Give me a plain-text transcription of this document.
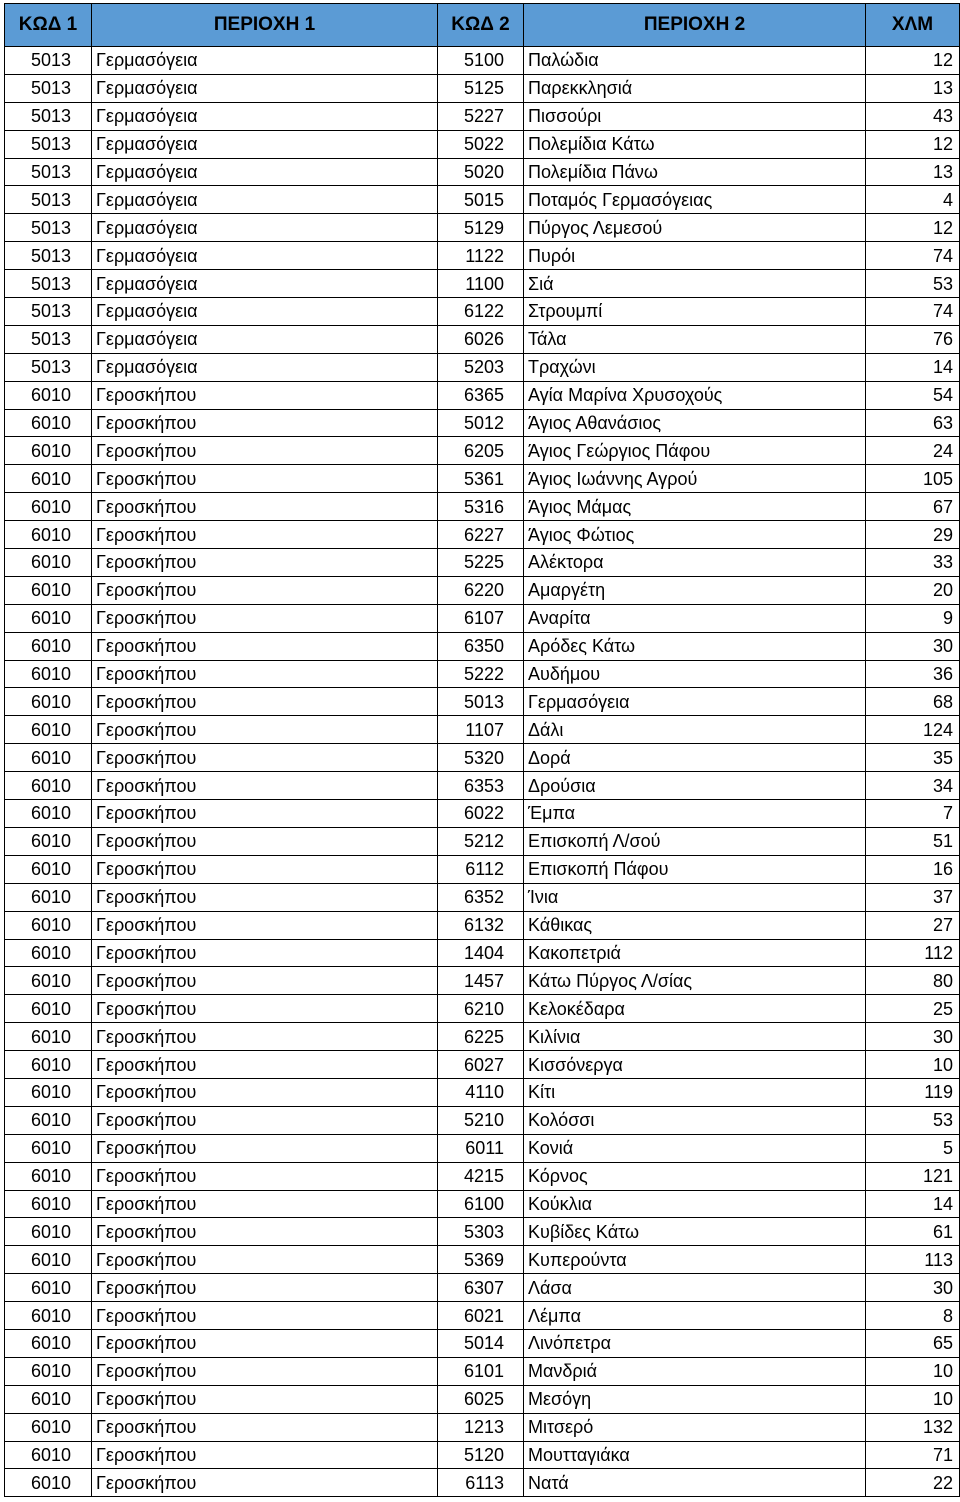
ΚΩΔ 1	ΠΕΡΙΟΧΗ 1	ΚΩΔ 2	ΠΕΡΙΟΧΗ 2	ΧΛΜ
5013	Γερμασόγεια	5100	Παλώδια	12
5013	Γερμασόγεια	5125	Παρεκκλησιά	13
5013	Γερμασόγεια	5227	Πισσούρι	43
5013	Γερμασόγεια	5022	Πολεμίδια Κάτω	12
5013	Γερμασόγεια	5020	Πολεμίδια Πάνω	13
5013	Γερμασόγεια	5015	Ποταμός Γερμασόγειας	4
5013	Γερμασόγεια	5129	Πύργος Λεμεσού	12
5013	Γερμασόγεια	1122	Πυρόι	74
5013	Γερμασόγεια	1100	Σιά	53
5013	Γερμασόγεια	6122	Στρουμπί	74
5013	Γερμασόγεια	6026	Τάλα	76
5013	Γερμασόγεια	5203	Τραχώνι	14
6010	Γεροσκήπου	6365	Αγία Μαρίνα Χρυσοχούς	54
6010	Γεροσκήπου	5012	Άγιος Αθανάσιος	63
6010	Γεροσκήπου	6205	Άγιος Γεώργιος Πάφου	24
6010	Γεροσκήπου	5361	Άγιος Ιωάννης Αγρού	105
6010	Γεροσκήπου	5316	Άγιος Μάμας	67
6010	Γεροσκήπου	6227	Άγιος Φώτιος	29
6010	Γεροσκήπου	5225	Αλέκτορα	33
6010	Γεροσκήπου	6220	Αμαργέτη	20
6010	Γεροσκήπου	6107	Αναρίτα	9
6010	Γεροσκήπου	6350	Αρόδες Κάτω	30
6010	Γεροσκήπου	5222	Αυδήμου	36
6010	Γεροσκήπου	5013	Γερμασόγεια	68
6010	Γεροσκήπου	1107	Δάλι	124
6010	Γεροσκήπου	5320	Δορά	35
6010	Γεροσκήπου	6353	Δρούσια	34
6010	Γεροσκήπου	6022	Έμπα	7
6010	Γεροσκήπου	5212	Επισκοπή Λ/σού	51
6010	Γεροσκήπου	6112	Επισκοπή Πάφου	16
6010	Γεροσκήπου	6352	Ίνια	37
6010	Γεροσκήπου	6132	Κάθικας	27
6010	Γεροσκήπου	1404	Κακοπετριά	112
6010	Γεροσκήπου	1457	Κάτω Πύργος Λ/σίας	80
6010	Γεροσκήπου	6210	Κελοκέδαρα	25
6010	Γεροσκήπου	6225	Κιλίνια	30
6010	Γεροσκήπου	6027	Κισσόνεργα	10
6010	Γεροσκήπου	4110	Κίτι	119
6010	Γεροσκήπου	5210	Κολόσσι	53
6010	Γεροσκήπου	6011	Κονιά	5
6010	Γεροσκήπου	4215	Κόρνος	121
6010	Γεροσκήπου	6100	Κούκλια	14
6010	Γεροσκήπου	5303	Κυβίδες Κάτω	61
6010	Γεροσκήπου	5369	Κυπερούντα	113
6010	Γεροσκήπου	6307	Λάσα	30
6010	Γεροσκήπου	6021	Λέμπα	8
6010	Γεροσκήπου	5014	Λινόπετρα	65
6010	Γεροσκήπου	6101	Μανδριά	10
6010	Γεροσκήπου	6025	Μεσόγη	10
6010	Γεροσκήπου	1213	Μιτσερό	132
6010	Γεροσκήπου	5120	Μουτταγιάκα	71
6010	Γεροσκήπου	6113	Νατά	22
